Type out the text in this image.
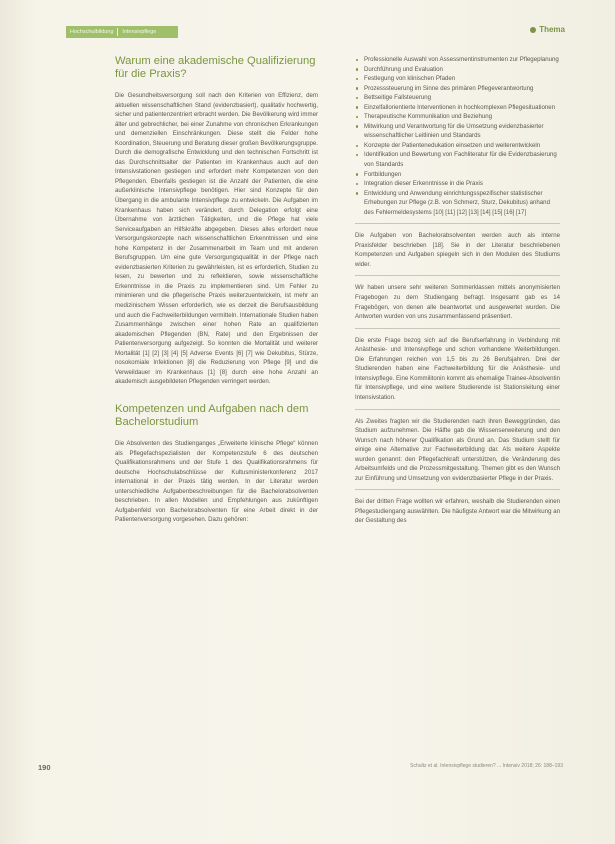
Hochschulbildung	Intensivpflege	Thema
Warum eine akademische Qualifizierung für die Praxis?

Die Gesundheitsversorgung soll nach den Kriterien von Effizienz, dem aktuellen wissenschaftlichen Stand (evidenzbasiert), qualitativ hochwertig, sicher und patientenzentriert erbracht werden. Die Bevölkerung wird immer älter und gebrechlicher, bei einer Zunahme von chronischen Erkrankungen und demenziellen Einschränkungen. Diese stellt die Felder hohe Koordination, Steuerung und Beratung dieser großen Bevölkerungsgruppe. Durch die demografische Entwicklung und den technischen Fortschritt ist das Durchschnittsalter der Patienten im Krankenhaus auch auf den Intensivstationen gestiegen und erfordert mehr Kompetenzen von den Pflegenden. Ebenfalls gestiegen ist die Anzahl der Patienten, die eine außerklinische Intensivpflege benötigen. Hier sind Konzepte für den Übergang in die ambulante Intensivpflege zu entwickeln. Die Aufgaben im Krankenhaus haben sich verändert, durch Delegation erfolgt eine Übernahme von ärztlichen Tätigkeiten, und die Pflege hat viele Serviceaufgaben an Hilfskräfte abgegeben. Dieses alles erfordert neue Versorgungskonzepte nach wissenschaftlichen Erkenntnissen und eine hohe Kompetenz in der Zusammenarbeit im Team und mit anderen Berufsgruppen. Um eine gute Versorgungsqualität in der Pflege nach evidenzbasierten Kriterien zu gewährleisten, ist es erforderlich, Studien zu lesen, zu bewerten und zu reflektieren, sowie wissenschaftliche Erkenntnisse in die Praxis zu implementieren sind. Um Fehler zu minimieren und die pflegerische Praxis weiterzuentwickeln, ist mehr an medizinischem Wissen erforderlich, wie es derzeit die Berufsausbildung und auch die Fachweiterbildungen vermitteln. Internationale Studien haben Zusammenhänge zwischen einer hohen Rate an qualifizierten akademischen Pflegenden (BN, Rate) und den Ergebnissen der Patientenversorgung aufgezeigt. So konnten die Mortalität und weiterer Mortalität [1] [2] [3] [4] [5] Adverse Events [6] [7] wie Dekubitus, Stürze, nosokomiale Infektionen [8] die Reduzierung von Pflege [9] und die Verweildauer im Krankenhaus [1] [8] durch eine hohe Anzahl an akademisch ausgebildeten Pflegenden verringert werden.

Kompetenzen und Aufgaben nach dem Bachelorstudium

Die Absolventen des Studienganges „Erweiterte klinische Pflege“ können als Pflegefachspezialisten der Kompetenzstufe 6 des deutschen Qualifikationsrahmens und der Stufe 1 des Qualifikationsrahmens für deutsche Hochschulabschlüsse der Kultusministerkonferenz 2017 international in der Praxis tätig werden. In der Literatur werden unterschiedliche Aufgabenbeschreibungen für die Bachelorabsolventen beschrieben. In allen Modellen und Empfehlungen aus zukünftigen Aufgabenfeld von Bachelorabsolventen für eine Arbeit direkt in der Patientenversorgung vorgesehen. Dazu gehören:

Professionelle Auswahl von Assessmentinstrumenten zur Pflegeplanung
Durchführung und Evaluation
Festlegung von klinischen Pfaden
Prozesssteuerung im Sinne des primären Pflegeverantwortung
Bettseitige Fallsteuerung
Einzelfallorientierte Interventionen in hochkomplexen Pflegesituationen
Therapeutische Kommunikation und Beziehung
Mitwirkung und Verantwortung für die Umsetzung evidenzbasierter wissenschaftlicher Leitlinien und Standards
Konzepte der Patientenedukation einsetzen und weiterentwickeln
Identifikation und Bewertung von Fachliteratur für die Evidenzbasierung von Standards
Fortbildungen
Integration dieser Erkenntnisse in die Praxis
Entwicklung und Anwendung einrichtungsspezifischer statistischer Erhebungen zur Pflege (z.B. von Schmerz, Sturz, Dekubitus) anhand des Fehlermeldesystems [10] [11] [12] [13] [14] [15] [16] [17]

Die Aufgaben von Bachelorabsolventen werden auch als interne Praxisfelder beschrieben [18]. Sie in der Literatur beschriebenen Kompetenzen und Aufgaben spiegeln sich in den Modulen des Studiums wider.

Wir haben unsere sehr weiteren Sommerklassen mittels anonymisierten Fragebogen zu dem Studiengang befragt. Insgesamt gab es 14 Fragebögen, von denen alle beantwortet und ausgewertet wurden. Die Antworten wurden von uns zusammenfassend präsentiert.

Die erste Frage bezog sich auf die Berufserfahrung in Verbindung mit Anästhesie- und Intensivpflege und schon vorhandene Weiterbildungen. Die Erfahrungen reichen von 1,5 bis zu 26 Berufsjahren. Drei der Studierenden haben eine Fachweiterbildung für die Anästhesie- und Intensivpflege. Eine Kommilitonin kommt als ehemalige Trainee-Absolventin für Intensivpflege, und eine weitere Studierende ist Stationsleitung einer Intensivstation.

Als Zweites fragten wir die Studierenden nach ihren Beweggründen, das Studium aufzunehmen. Die Hälfte gab die Wissenserweiterung und den Wunsch nach höherer Qualifikation als Grund an. Das Studium stellt für einige eine Alternative zur Fachweiterbildung dar. Als weitere Aspekte wurden genannt: den Pflegefachkraft unterstützen, die Veränderung des Arbeitsumfelds und die Prozessmitgestaltung. Themen gibt es den Wunsch zur Einführung und Umsetzung von evidenzbasierter Pflege in der Praxis.

Bei der dritten Frage wollten wir erfahren, weshalb die Studierenden einen Pflegestudiengang auswählten. Die häufigste Antwort war die Mitwirkung an der Gestaltung des

190	Schultz et al. Intensivpflege studieren? ... Intensiv 2018; 26: 188–193
